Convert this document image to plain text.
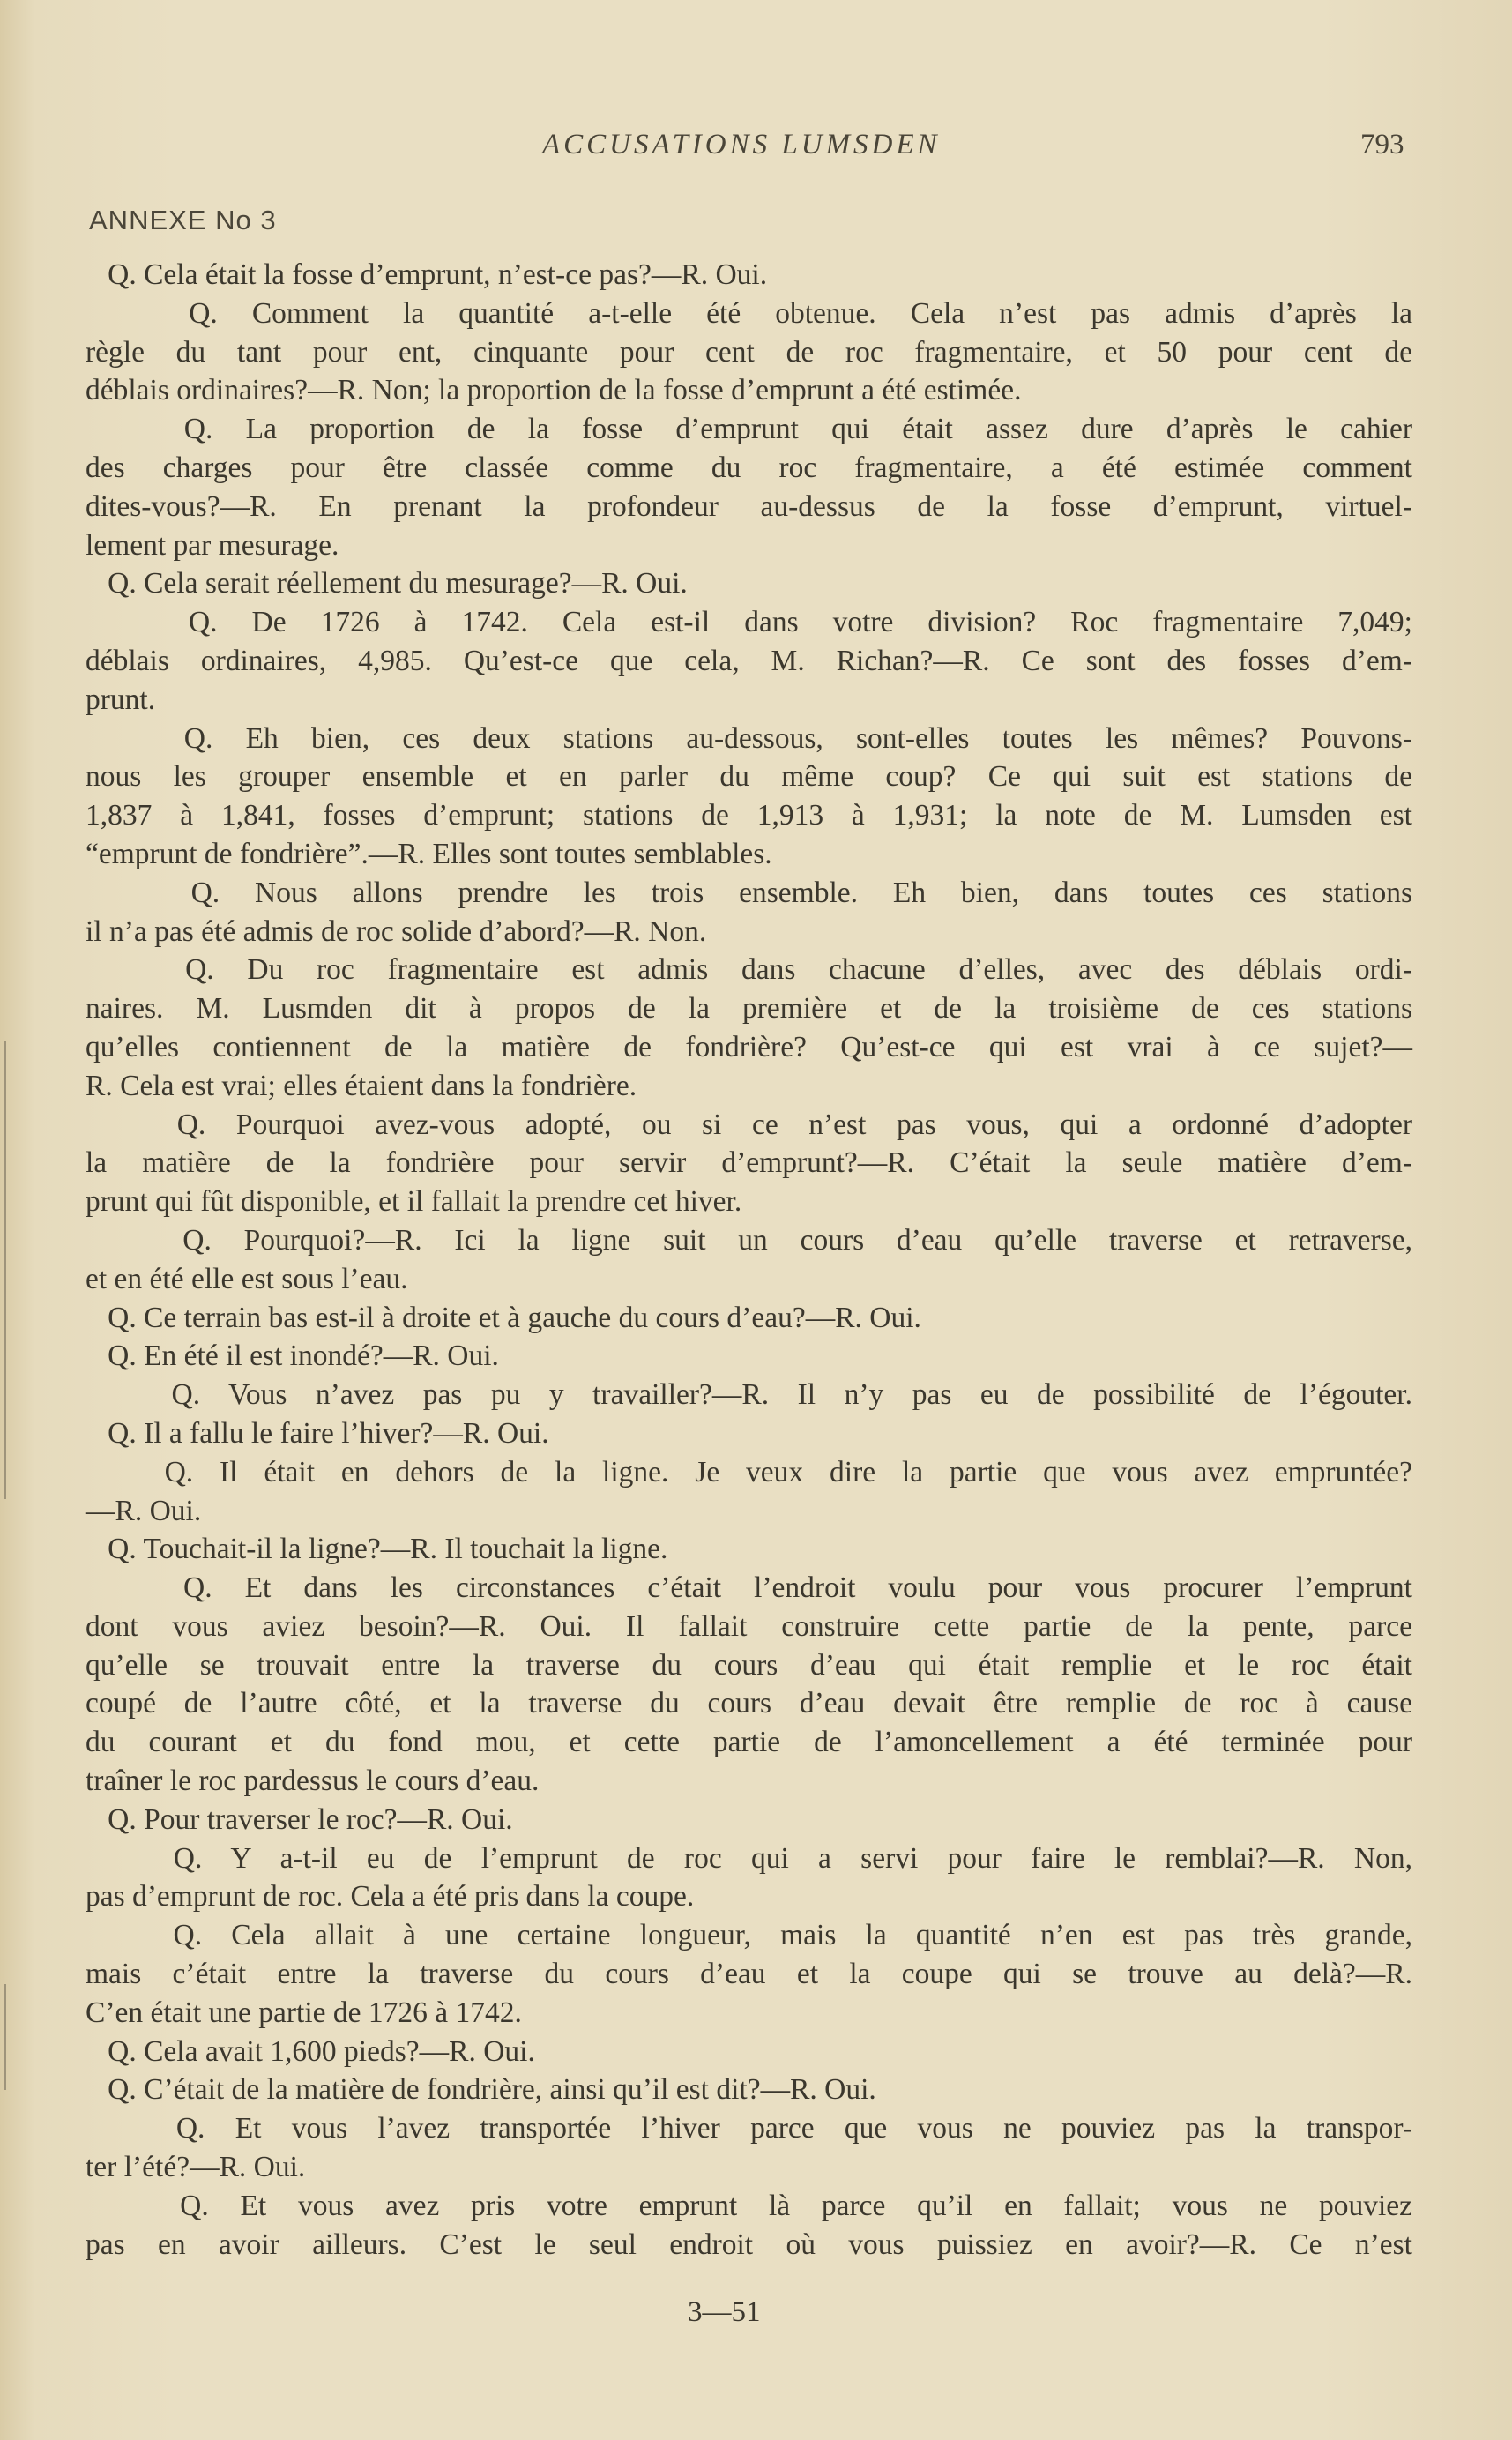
ACCUSATIONS LUMSDEN	793
ANNEXE No 3
Q. Cela était la fosse d’emprunt, n’est-ce pas?—R. Oui.
Q. Comment la quantité a-t-elle été obtenue. Cela n’est pas admis d’après la
règle du tant pour ent, cinquante pour cent de roc fragmentaire, et 50 pour cent de
déblais ordinaires?—R. Non; la proportion de la fosse d’emprunt a été estimée.
Q. La proportion de la fosse d’emprunt qui était assez dure d’après le cahier
des charges pour être classée comme du roc fragmentaire, a été estimée comment
dites-vous?—R. En prenant la profondeur au-dessus de la fosse d’emprunt, virtuel-
lement par mesurage.
Q. Cela serait réellement du mesurage?—R. Oui.
Q. De 1726 à 1742. Cela est-il dans votre division? Roc fragmentaire 7,049;
déblais ordinaires, 4,985. Qu’est-ce que cela, M. Richan?—R. Ce sont des fosses d’em-
prunt.
Q. Eh bien, ces deux stations au-dessous, sont-elles toutes les mêmes? Pouvons-
nous les grouper ensemble et en parler du même coup? Ce qui suit est stations de
1,837 à 1,841, fosses d’emprunt; stations de 1,913 à 1,931; la note de M. Lumsden est
“emprunt de fondrière”.—R. Elles sont toutes semblables.
Q. Nous allons prendre les trois ensemble. Eh bien, dans toutes ces stations
il n’a pas été admis de roc solide d’abord?—R. Non.
Q. Du roc fragmentaire est admis dans chacune d’elles, avec des déblais ordi-
naires. M. Lusmden dit à propos de la première et de la troisième de ces stations
qu’elles contiennent de la matière de fondrière? Qu’est-ce qui est vrai à ce sujet?—
R. Cela est vrai; elles étaient dans la fondrière.
Q. Pourquoi avez-vous adopté, ou si ce n’est pas vous, qui a ordonné d’adopter
la matière de la fondrière pour servir d’emprunt?—R. C’était la seule matière d’em-
prunt qui fût disponible, et il fallait la prendre cet hiver.
Q. Pourquoi?—R. Ici la ligne suit un cours d’eau qu’elle traverse et retraverse,
et en été elle est sous l’eau.
Q. Ce terrain bas est-il à droite et à gauche du cours d’eau?—R. Oui.
Q. En été il est inondé?—R. Oui.
Q. Vous n’avez pas pu y travailler?—R. Il n’y pas eu de possibilité de l’égouter.
Q. Il a fallu le faire l’hiver?—R. Oui.
Q. Il était en dehors de la ligne. Je veux dire la partie que vous avez empruntée?
—R. Oui.
Q. Touchait-il la ligne?—R. Il touchait la ligne.
Q. Et dans les circonstances c’était l’endroit voulu pour vous procurer l’emprunt
dont vous aviez besoin?—R. Oui. Il fallait construire cette partie de la pente, parce
qu’elle se trouvait entre la traverse du cours d’eau qui était remplie et le roc était
coupé de l’autre côté, et la traverse du cours d’eau devait être remplie de roc à cause
du courant et du fond mou, et cette partie de l’amoncellement a été terminée pour
traîner le roc pardessus le cours d’eau.
Q. Pour traverser le roc?—R. Oui.
Q. Y a-t-il eu de l’emprunt de roc qui a servi pour faire le remblai?—R. Non,
pas d’emprunt de roc. Cela a été pris dans la coupe.
Q. Cela allait à une certaine longueur, mais la quantité n’en est pas très grande,
mais c’était entre la traverse du cours d’eau et la coupe qui se trouve au delà?—R.
C’en était une partie de 1726 à 1742.
Q. Cela avait 1,600 pieds?—R. Oui.
Q. C’était de la matière de fondrière, ainsi qu’il est dit?—R. Oui.
Q. Et vous l’avez transportée l’hiver parce que vous ne pouviez pas la transpor-
ter l’été?—R. Oui.
Q. Et vous avez pris votre emprunt là parce qu’il en fallait; vous ne pouviez
pas en avoir ailleurs. C’est le seul endroit où vous puissiez en avoir?—R. Ce n’est
3—51
